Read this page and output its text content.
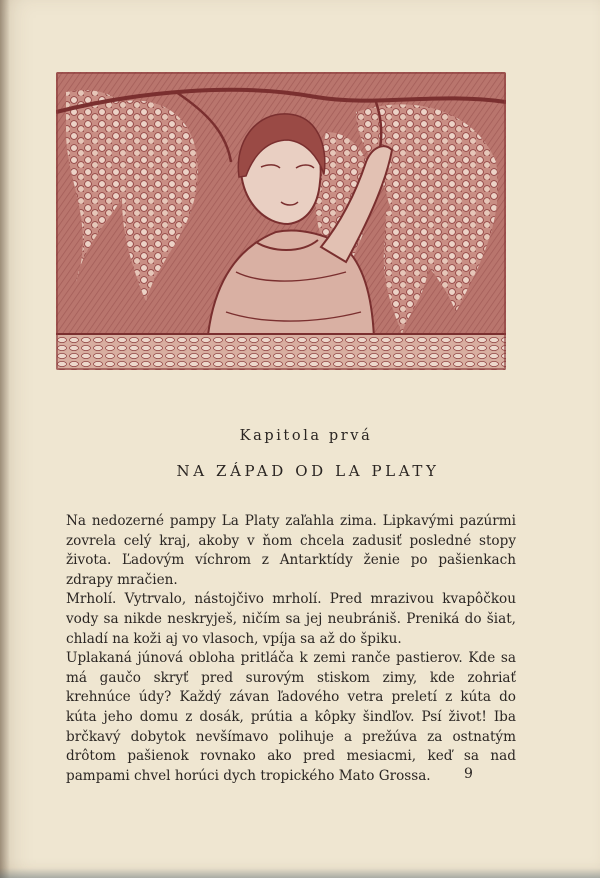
Kapitola prvá
NA ZÁPAD OD LA PLATY

Na nedozerné pampy La Platy zaľahla zima. Lipkavými pazúrmi zovrela celý kraj, akoby v ňom chcela zadusiť posledné stopy života. Ľadovým víchrom z Antarktídy ženie po pašienkach zdrapy mračien.

Mrholí. Vytrvalo, nástojčivo mrholí. Pred mrazivou kvapôčkou vody sa nikde neskryješ, ničím sa jej neubrániš. Preniká do šiat, chladí na koži aj vo vlasoch, vpíja sa až do špiku.

Uplakaná júnová obloha pritláča k zemi ranče pastierov. Kde sa má gaučo skryť pred surovým stiskom zimy, kde zohriať krehnúce údy? Každý závan ľadového vetra preletí z kúta do kúta jeho domu z dosák, prútia a kôpky šindľov. Psí život! Iba brčkavý dobytok nevšímavo polihuje a prežúva za ostnatým drôtom pašienok rovnako ako pred mesiacmi, keď sa nad pampami chvel horúci dych tropického Mato Grossa.	9
